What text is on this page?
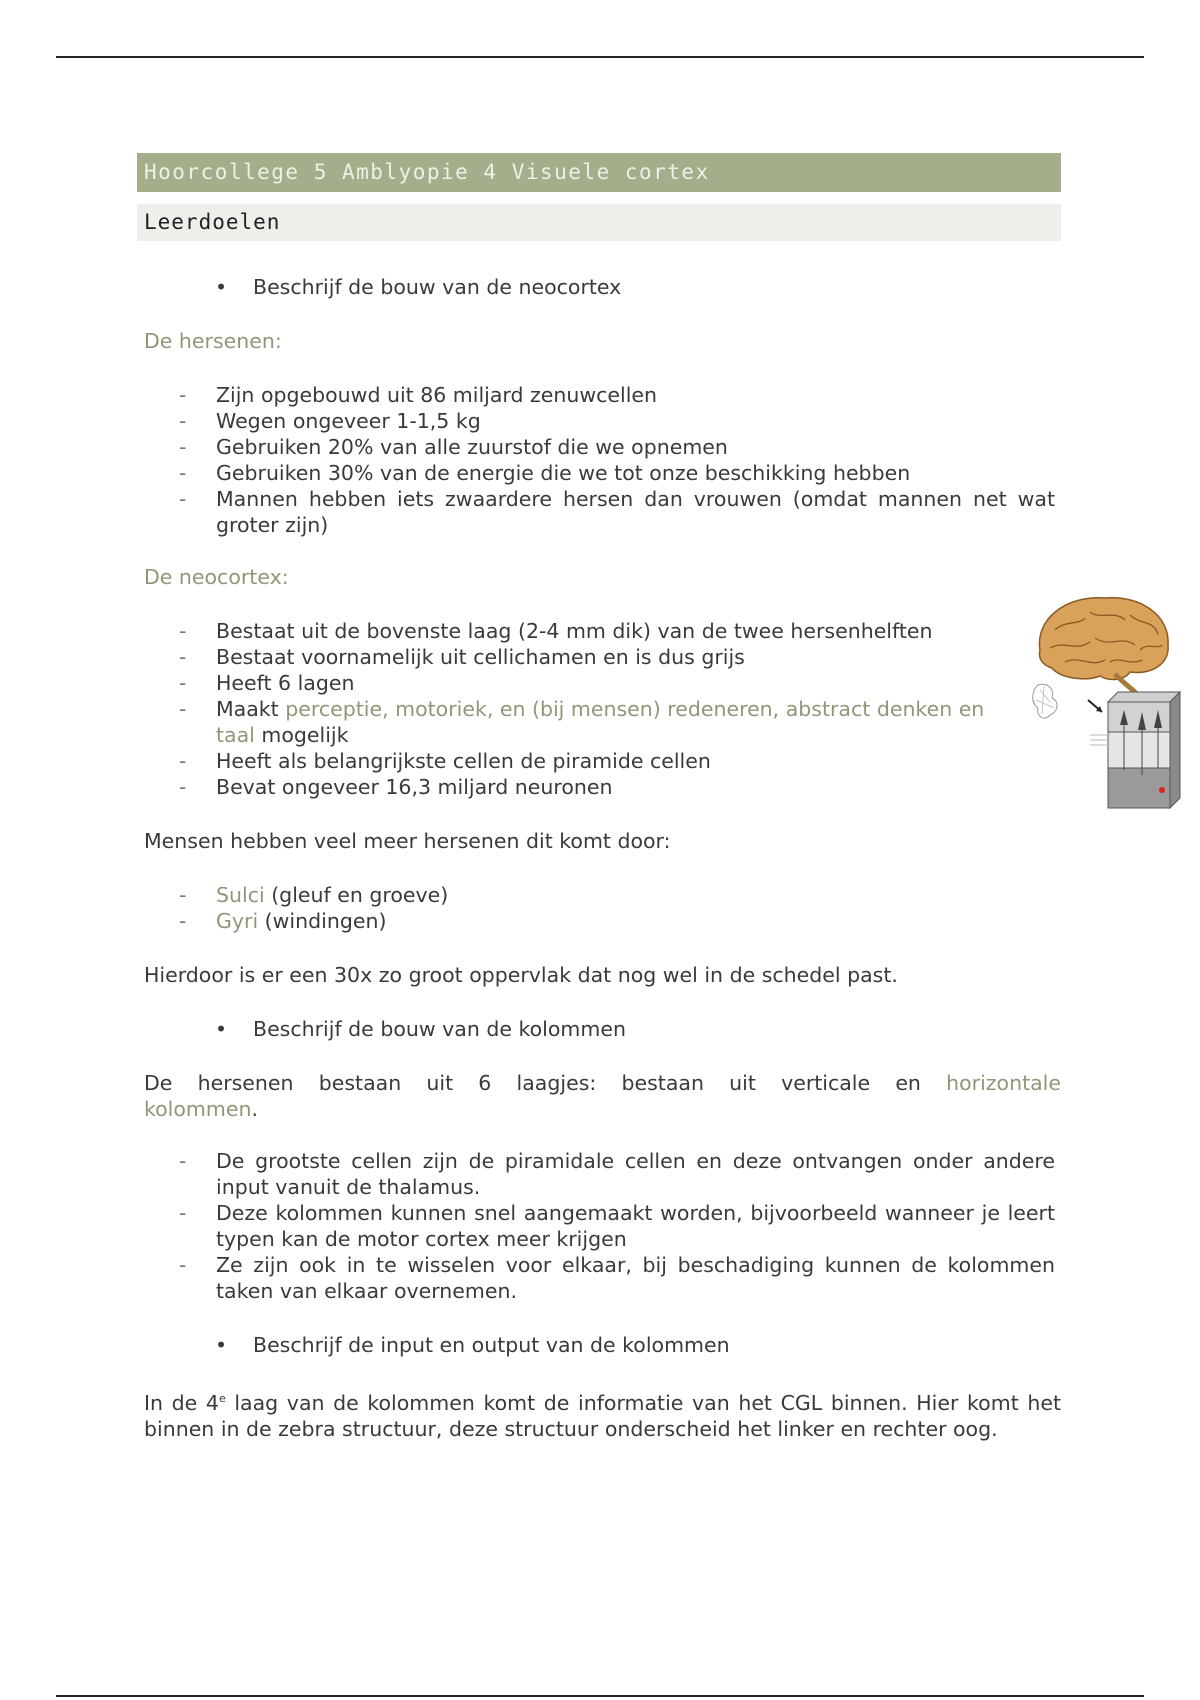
Hoorcollege 5 Amblyopie 4 Visuele cortex
Leerdoelen
• Beschrijf de bouw van de neocortex
De hersenen:
- Zijn opgebouwd uit 86 miljard zenuwcellen
- Wegen ongeveer 1-1,5 kg
- Gebruiken 20% van alle zuurstof die we opnemen
- Gebruiken 30% van de energie die we tot onze beschikking hebben
- Mannen hebben iets zwaardere hersen dan vrouwen (omdat mannen net wat groter zijn)
De neocortex:
- Bestaat uit de bovenste laag (2-4 mm dik) van de twee hersenhelften
- Bestaat voornamelijk uit cellichamen en is dus grijs
- Heeft 6 lagen
- Maakt perceptie, motoriek, en (bij mensen) redeneren, abstract denken en taal mogelijk
- Heeft als belangrijkste cellen de piramide cellen
- Bevat ongeveer 16,3 miljard neuronen
Mensen hebben veel meer hersenen dit komt door:
- Sulci (gleuf en groeve)
- Gyri (windingen)
Hierdoor is er een 30x zo groot oppervlak dat nog wel in de schedel past.
• Beschrijf de bouw van de kolommen
De hersenen bestaan uit 6 laagjes: bestaan uit verticale en horizontale kolommen.
- De grootste cellen zijn de piramidale cellen en deze ontvangen onder andere input vanuit de thalamus.
- Deze kolommen kunnen snel aangemaakt worden, bijvoorbeeld wanneer je leert typen kan de motor cortex meer krijgen
- Ze zijn ook in te wisselen voor elkaar, bij beschadiging kunnen de kolommen taken van elkaar overnemen.
• Beschrijf de input en output van de kolommen
In de 4e laag van de kolommen komt de informatie van het CGL binnen. Hier komt het binnen in de zebra structuur, deze structuur onderscheid het linker en rechter oog.
